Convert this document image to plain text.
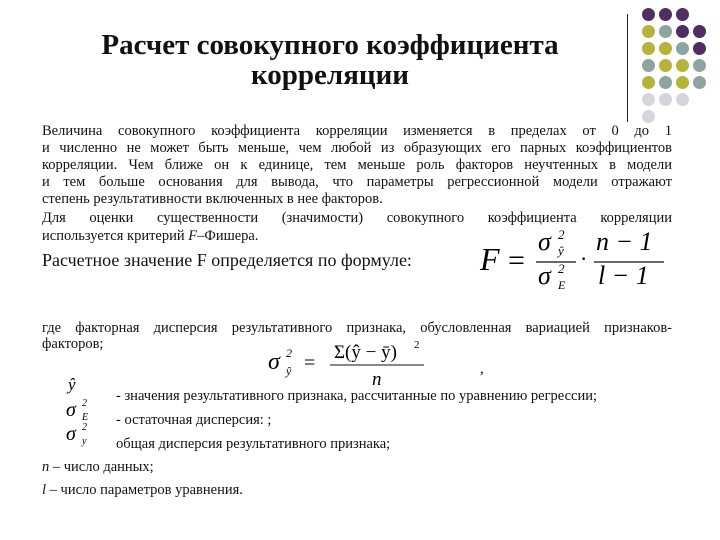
Расчет совокупного коэффициента корреляции
Величина совокупного коэффициента корреляции изменяется в пределах от 0 до 1
и численно не может быть меньше, чем любой из образующих его парных коэффициентов
корреляции. Чем ближе он к единице, тем меньше роль факторов неучтенных в модели
и тем больше основания для вывода, что параметры регрессионной модели отражают
степень результативности включенных в нее факторов.
Для оценки существенности (значимости) совокупного коэффициента корреляции
используется критерий F–Фишера.
Расчетное значение F определяется по формуле:	F =
σ 2
ŷ
σ 2
E
·
n − 1
l − 1
где факторная дисперсия результативного признака, обусловленная вариацией признаков-
факторов;
σ 2
ŷ = Σ(ŷ − ȳ) 2
n	,
ŷ
σ 2
E
σ 2
y
- значения результативного признака, рассчитанные по уравнению регрессии;
- остаточная дисперсия: ;
общая дисперсия результативного признака;
n – число данных;
l – число параметров уравнения.
